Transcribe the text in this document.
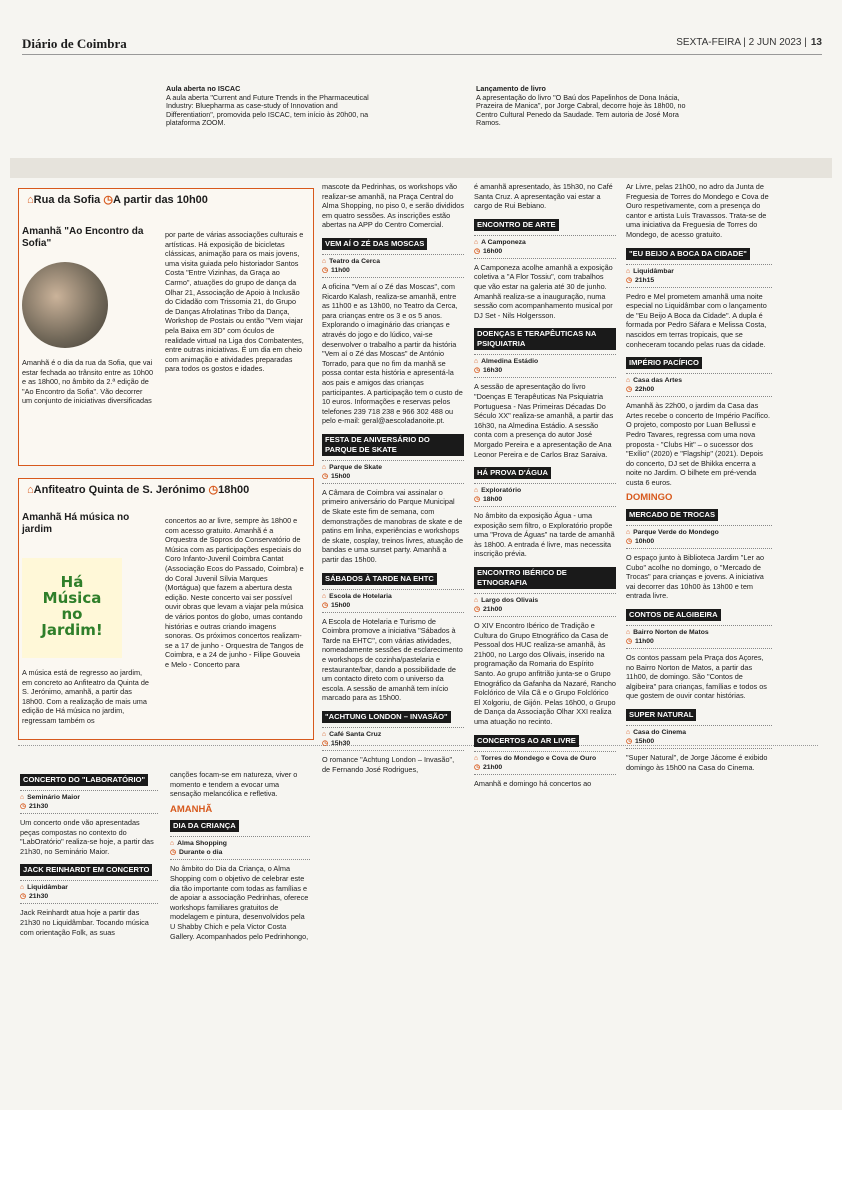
Diário de Coimbra	SEXTA-FEIRA | 2 JUN 2023 | 13
Aula aberta no ISCAC
A aula aberta "Current and Future Trends in the Pharmaceutical Industry: Bluepharma as case-study of Innovation and Differentiation", promovida pelo ISCAC, tem início às 20h00, na plataforma ZOOM.
Lançamento de livro
A apresentação do livro "O Baú dos Papelinhos de Dona Inácia, Prazeira de Manica", por Jorge Cabral, decorre hoje às 18h00, no Centro Cultural Penedo da Saudade. Tem autoria de José Mora Ramos.
⌂Rua da Sofia ◷A partir das 10h00
Amanhã "Ao Encontro da Sofia"

Amanhã é o dia da rua da Sofia, que vai estar fechada ao trânsito entre as 10h00 e as 18h00, no âmbito da 2.ª edição de "Ao Encontro da Sofia". Vão decorrer um conjunto de iniciativas diversificadas

por parte de várias associações culturais e artísticas. Há exposição de bicicletas clássicas, animação para os mais jovens, uma visita guiada pelo historiador Santos Costa "Entre Vizinhas, da Graça ao Carmo", atuações do grupo de dança da Olhar 21, Associação de Apoio à Inclusão do Cidadão com Trissomia 21, do Grupo de Danças Afrolatinas Tribo da Dança, Workshop de Postais ou então "Vem viajar pela Baixa em 3D" com óculos de realidade virtual na Liga dos Combatentes, entre outras iniciativas. É um dia em cheio com animação e atividades preparadas para todos os gostos e idades.

⌂Anfiteatro Quinta de S. Jerónimo ◷18h00
Amanhã Há música no jardim
Há Música no Jardim!

A música está de regresso ao jardim, em concreto ao Anfiteatro da Quinta de S. Jerónimo, amanhã, a partir das 18h00. Com a realização de mais uma edição de Há música no jardim, regressam também os

concertos ao ar livre, sempre às 18h00 e com acesso gratuito. Amanhã é a Orquestra de Sopros do Conservatório de Música com as participações especiais do Coro Infanto-Juvenil Coimbra Cantat (Associação Ecos do Passado, Coimbra) e do Coral Juvenil Sílvia Marques (Mortágua) que fazem a abertura desta edição. Neste concerto vai ser possível ouvir obras que levam a viajar pela música de vários pontos do globo, umas contando histórias e outras criando imagens sonoras. Os próximos concertos realizam-se a 17 de junho - Orquestra de Tangos de Coimbra, e a 24 de junho - Filipe Gouveia e Melo - Concerto para

mascote da Pedrinhas, os workshops vão realizar-se amanhã, na Praça Central do Alma Shopping, no piso 0, e serão divididos em quatro sessões. As inscrições estão abertas na APP do Centro Comercial.

VEM AÍ O ZÉ DAS MOSCAS
⌂ Teatro da Cerca
◷ 11h00

A oficina "Vem aí o Zé das Moscas", com Ricardo Kalash, realiza-se amanhã, entre as 11h00 e as 13h00, no Teatro da Cerca, para crianças entre os 3 e os 5 anos. Explorando o imaginário das crianças e através do jogo e do lúdico, vai-se desenvolver o trabalho a partir da história "Vem aí o Zé das Moscas" de António Torrado, para que no fim da manhã se possa contar esta história e apresentá-la aos pais e amigos das crianças participantes. A participação tem o custo de 10 euros. Informações e reservas pelos telefones 239 718 238 e 966 302 488 ou pelo e-mail: geral@aescoladanoite.pt.

FESTA DE ANIVERSÁRIO DO PARQUE DE SKATE
⌂ Parque de Skate
◷ 15h00

A Câmara de Coimbra vai assinalar o primeiro aniversário do Parque Municipal de Skate este fim de semana, com demonstrações de manobras de skate e de patins em linha, experiências e workshops de skate, cosplay, treinos livres, atuação de bandas e uma sunset party. Amanhã a partir das 15h00.

SÁBADOS À TARDE NA EHTC
⌂ Escola de Hotelaria
◷ 15h00

A Escola de Hotelaria e Turismo de Coimbra promove a iniciativa "Sábados à Tarde na EHTC", com várias atividades, nomeadamente sessões de esclarecimento e workshops de cozinha/pastelaria e restaurante/bar, dando a possibilidade de um contacto direto com o universo da escola. A sessão de amanhã tem início marcado para as 15h00.

"ACHTUNG LONDON – INVASÃO"
⌂ Café Santa Cruz
◷ 15h30

O romance "Achtung London – Invasão", de Fernando José Rodrigues,

é amanhã apresentado, às 15h30, no Café Santa Cruz. A apresentação vai estar a cargo de Rui Bebiano.

ENCONTRO DE ARTE
⌂ A Camponeza
◷ 16h00

A Camponeza acolhe amanhã a exposição coletiva a "A Flor Tossiu", com trabalhos que vão estar na galeria até 30 de junho. Amanhã realiza-se a inauguração, numa sessão com acompanhamento musical por DJ Set - Nils Holgersson.

DOENÇAS E TERAPÊUTICAS NA PSIQUIATRIA
⌂ Almedina Estádio
◷ 16h30

A sessão de apresentação do livro "Doenças E Terapêuticas Na Psiquiatria Portuguesa - Nas Primeiras Décadas Do Século XX" realiza-se amanhã, a partir das 16h30, na Almedina Estádio. A sessão conta com a presença do autor José Morgado Pereira e a apresentação de Ana Leonor Pereira e de Carlos Braz Saraiva.

HÁ PROVA D'ÁGUA
⌂ Exploratório
◷ 18h00

No âmbito da exposição Água - uma exposição sem filtro, o Exploratório propõe uma "Prova de Águas" na tarde de amanhã às 18h00. A entrada é livre, mas necessita inscrição prévia.

ENCONTRO IBÉRICO DE ETNOGRAFIA
⌂ Largo dos Olivais
◷ 21h00

O XIV Encontro Ibérico de Tradição e Cultura do Grupo Etnográfico da Casa de Pessoal dos HUC realiza-se amanhã, às 21h00, no Largo dos Olivais, inserido na programação da Romaria do Espírito Santo. Ao grupo anfitrião junta-se o Grupo Etnográfico da Gafanha da Nazaré, Rancho Folclórico de Vila Cã e o Grupo Folclórico El Xolgoriu, de Gijón. Pelas 16h00, o Grupo de Dança da Associação Olhar XXI realiza uma atuação no recinto.

CONCERTOS AO AR LIVRE
⌂ Torres do Mondego e Cova de Ouro
◷ 21h00

Amanhã e domingo há concertos ao

Ar Livre, pelas 21h00, no adro da Junta de Freguesia de Torres do Mondego e Cova de Ouro respetivamente, com a presença do cantor e artista Luís Travassos. Trata-se de uma iniciativa da Freguesia de Torres do Mondego, de acesso gratuito.

"EU BEIJO A BOCA DA CIDADE"
⌂ Liquidâmbar
◷ 21h15

Pedro e Mel prometem amanhã uma noite especial no Liquidâmbar com o lançamento de "Eu Beijo A Boca da Cidade". A dupla é formada por Pedro Sáfara e Melissa Costa, nascidos em terras tropicais, que se conheceram tocando pelas ruas da cidade.

IMPÉRIO PACÍFICO
⌂ Casa das Artes
◷ 22h00

Amanhã às 22h00, o jardim da Casa das Artes recebe o concerto de Império Pacífico. O projeto, composto por Luan Bellussi e Pedro Tavares, regressa com uma nova proposta - "Clubs Hit" – o sucessor dos "Exílio" (2020) e "Flagship" (2021). Depois do concerto, DJ set de Bhikka encerra a noite no Jardim. O bilhete em pré-venda custa 6 euros.

DOMINGO
MERCADO DE TROCAS
⌂ Parque Verde do Mondego
◷ 10h00

O espaço junto à Biblioteca Jardim "Ler ao Cubo" acolhe no domingo, o "Mercado de Trocas" para crianças e jovens. A iniciativa vai decorrer das 10h00 às 13h00 e tem entrada livre.

CONTOS DE ALGIBEIRA
⌂ Bairro Norton de Matos
◷ 11h00

Os contos passam pela Praça dos Açores, no Bairro Norton de Matos, a partir das 11h00, de domingo. São "Contos de algibeira" para crianças, famílias e todos os que gostem de ouvir contar histórias.

SUPER NATURAL
⌂ Casa do Cinema
◷ 15h00

"Super Natural", de Jorge Jácome é exibido domingo às 15h00 na Casa do Cinema.

CONCERTO DO "LABORATÓRIO"
⌂ Seminário Maior
◷ 21h30

Um concerto onde vão apresentadas peças compostas no contexto do "LabOratório" realiza-se hoje, a partir das 21h30, no Seminário Maior.

JACK REINHARDT EM CONCERTO
⌂ Liquidâmbar
◷ 21h30

Jack Reinhardt atua hoje a partir das 21h30 no Liquidâmbar. Tocando música com orientação Folk, as suas

canções focam-se em natureza, viver o momento e tendem a evocar uma sensação melancólica e refletiva.

AMANHÃ
DIA DA CRIANÇA
⌂ Alma Shopping
◷ Durante o dia

No âmbito do Dia da Criança, o Alma Shopping com o objetivo de celebrar este dia tão importante com todas as famílias e de apoiar a associação Pedrinhas, oferece workshops familiares gratuitos de modelagem e pintura, desenvolvidos pela U Shabby Chich e pela Victor Costa Gallery. Acompanhados pelo Pedrinhongo,
